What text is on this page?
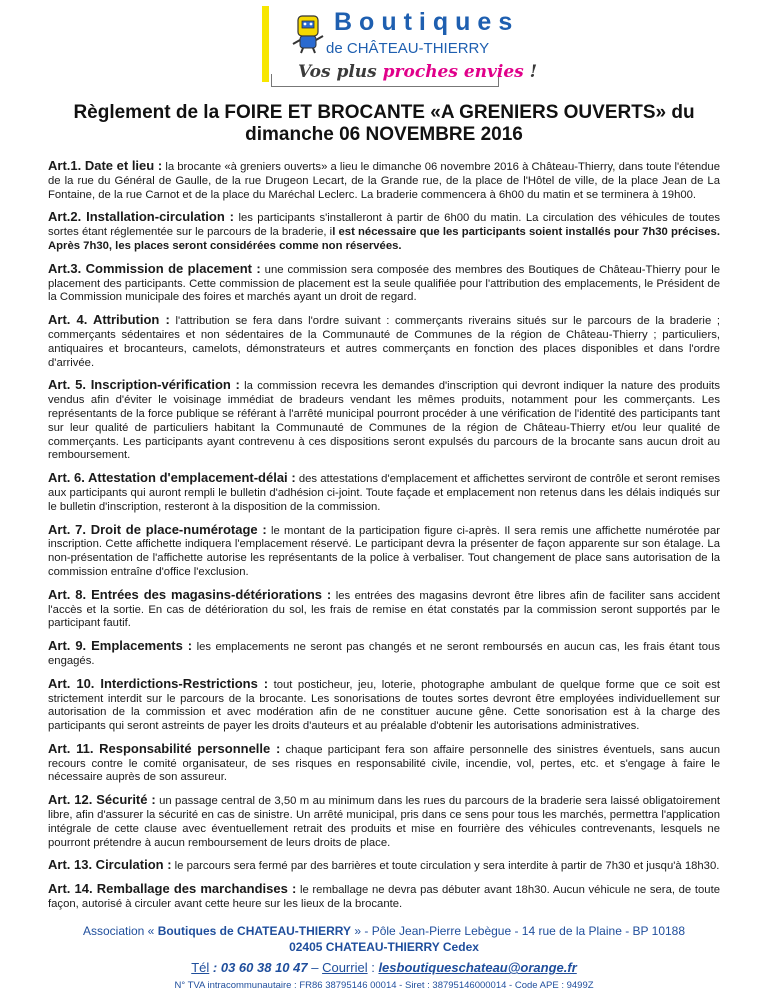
Boutiques
de CHÂTEAU-THIERRY
Vos plus proches envies !
Règlement de la FOIRE ET BROCANTE «A GRENIERS OUVERTS» du
dimanche 06 NOVEMBRE 2016

Art.1. Date et lieu : la brocante «à greniers ouverts» a lieu le dimanche 06 novembre 2016 à Château-Thierry, dans toute l'étendue de la rue du Général de Gaulle, de la rue Drugeon Lecart, de la Grande rue, de la place de l'Hôtel de ville, de la place Jean de La Fontaine, de la rue Carnot et de la place du Maréchal Leclerc. La braderie commencera à 6h00 du matin et se terminera à 19h00.

Art.2. Installation-circulation : les participants s'installeront à partir de 6h00 du matin. La circulation des véhicules de toutes sortes étant réglementée sur le parcours de la braderie, il est nécessaire que les participants soient installés pour 7h30 précises. Après 7h30, les places seront considérées comme non réservées.

Art.3. Commission de placement : une commission sera composée des membres des Boutiques de Château-Thierry pour le placement des participants. Cette commission de placement est la seule qualifiée pour l'attribution des emplacements, le Président de la Commission municipale des foires et marchés ayant un droit de regard.

Art. 4. Attribution : l'attribution se fera dans l'ordre suivant : commerçants riverains situés sur le parcours de la braderie ; commerçants sédentaires et non sédentaires de la Communauté de Communes de la région de Château-Thierry ; particuliers, antiquaires et brocanteurs, camelots, démonstrateurs et autres commerçants en fonction des places disponibles et dans l'ordre d'arrivée.

Art. 5. Inscription-vérification : la commission recevra les demandes d'inscription qui devront indiquer la nature des produits vendus afin d'éviter le voisinage immédiat de bradeurs vendant les mêmes produits, notamment pour les commerçants. Les représentants de la force publique se référant à l'arrêté municipal pourront procéder à une vérification de l'identité des participants tant sur leur qualité de particuliers habitant la Communauté de Communes de la région de Château-Thierry et/ou leur qualité de commerçants. Les participants ayant contrevenu à ces dispositions seront expulsés du parcours de la brocante sans aucun droit au remboursement.

Art. 6. Attestation d'emplacement-délai : des attestations d'emplacement et affichettes serviront de contrôle et seront remises aux participants qui auront rempli le bulletin d'adhésion ci-joint. Toute façade et emplacement non retenus dans les délais indiqués sur le bulletin d'inscription, resteront à la disposition de la commission.

Art. 7. Droit de place-numérotage : le montant de la participation figure ci-après. Il sera remis une affichette numérotée par inscription. Cette affichette indiquera l'emplacement réservé. Le participant devra la présenter de façon apparente sur son étalage. La non-présentation de l'affichette autorise les représentants de la police à verbaliser. Tout changement de place sans autorisation de la commission entraîne d'office l'exclusion.

Art. 8. Entrées des magasins-détériorations : les entrées des magasins devront être libres afin de faciliter sans accident l'accès et la sortie. En cas de détérioration du sol, les frais de remise en état constatés par la commission seront supportés par le participant fautif.

Art. 9. Emplacements : les emplacements ne seront pas changés et ne seront remboursés en aucun cas, les frais étant tous engagés.

Art. 10. Interdictions-Restrictions : tout posticheur, jeu, loterie, photographe ambulant de quelque forme que ce soit est strictement interdit sur le parcours de la brocante. Les sonorisations de toutes sortes devront être employées individuellement sur autorisation de la commission et avec modération afin de ne constituer aucune gêne. Cette sonorisation est à la charge des participants qui seront astreints de payer les droits d'auteurs et au préalable d'obtenir les autorisations administratives.

Art. 11. Responsabilité personnelle : chaque participant fera son affaire personnelle des sinistres éventuels, sans aucun recours contre le comité organisateur, de ses risques en responsabilité civile, incendie, vol, pertes, etc. et s'engage à faire le nécessaire auprès de son assureur.

Art. 12. Sécurité : un passage central de 3,50 m au minimum dans les rues du parcours de la braderie sera laissé obligatoirement libre, afin d'assurer la sécurité en cas de sinistre. Un arrêté municipal, pris dans ce sens pour tous les marchés, permettra l'application intégrale de cette clause avec éventuellement retrait des produits et mise en fourrière des véhicules contrevenants, lesquels ne pourront prétendre à aucun remboursement de leurs droits de place.

Art. 13. Circulation : le parcours sera fermé par des barrières et toute circulation y sera interdite à partir de 7h30 et jusqu'à 18h30.

Art. 14. Remballage des marchandises : le remballage ne devra pas débuter avant 18h30. Aucun véhicule ne sera, de toute façon, autorisé à circuler avant cette heure sur les lieux de la brocante.

Association « Boutiques de CHATEAU-THIERRY » - Pôle Jean-Pierre Lebègue - 14 rue de la Plaine - BP 10188
02405 CHATEAU-THIERRY Cedex
Tél : 03 60 38 10 47 – Courriel : lesboutiqueschateau@orange.fr
N° TVA intracommunautaire : FR86 38795146 00014 - Siret : 38795146000014 - Code APE : 9499Z
